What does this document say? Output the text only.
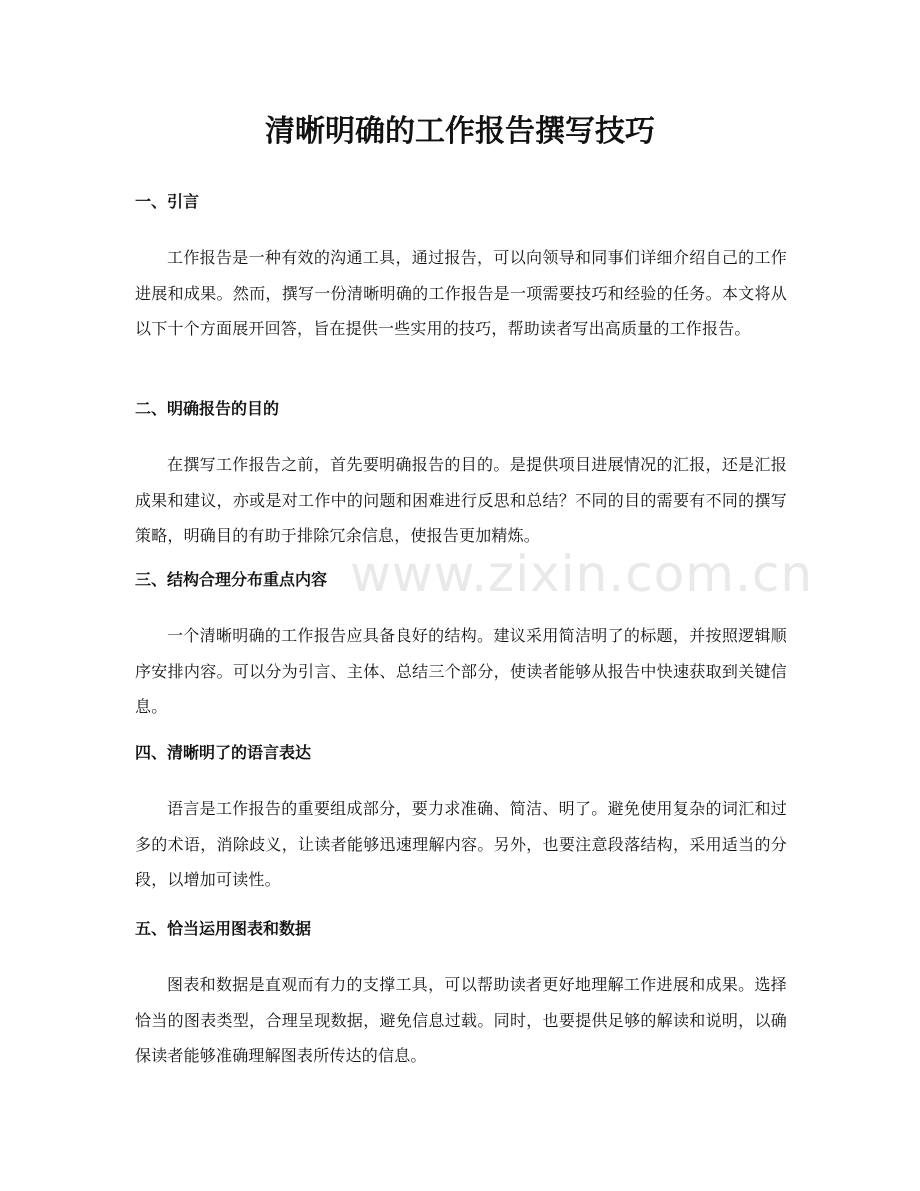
清晰明确的工作报告撰写技巧
www.zixin.com.cn
一、引言

工作报告是一种有效的沟通工具，通过报告，可以向领导和同事们详细介绍自己的工作进展和成果。然而，撰写一份清晰明确的工作报告是一项需要技巧和经验的任务。本文将从以下十个方面展开回答，旨在提供一些实用的技巧，帮助读者写出高质量的工作报告。

二、明确报告的目的

在撰写工作报告之前，首先要明确报告的目的。是提供项目进展情况的汇报，还是汇报成果和建议，亦或是对工作中的问题和困难进行反思和总结？不同的目的需要有不同的撰写策略，明确目的有助于排除冗余信息，使报告更加精炼。

三、结构合理分布重点内容

一个清晰明确的工作报告应具备良好的结构。建议采用简洁明了的标题，并按照逻辑顺序安排内容。可以分为引言、主体、总结三个部分，使读者能够从报告中快速获取到关键信息。

四、清晰明了的语言表达

语言是工作报告的重要组成部分，要力求准确、简洁、明了。避免使用复杂的词汇和过多的术语，消除歧义，让读者能够迅速理解内容。另外，也要注意段落结构，采用适当的分段，以增加可读性。

五、恰当运用图表和数据

图表和数据是直观而有力的支撑工具，可以帮助读者更好地理解工作进展和成果。选择恰当的图表类型，合理呈现数据，避免信息过载。同时，也要提供足够的解读和说明，以确保读者能够准确理解图表所传达的信息。
